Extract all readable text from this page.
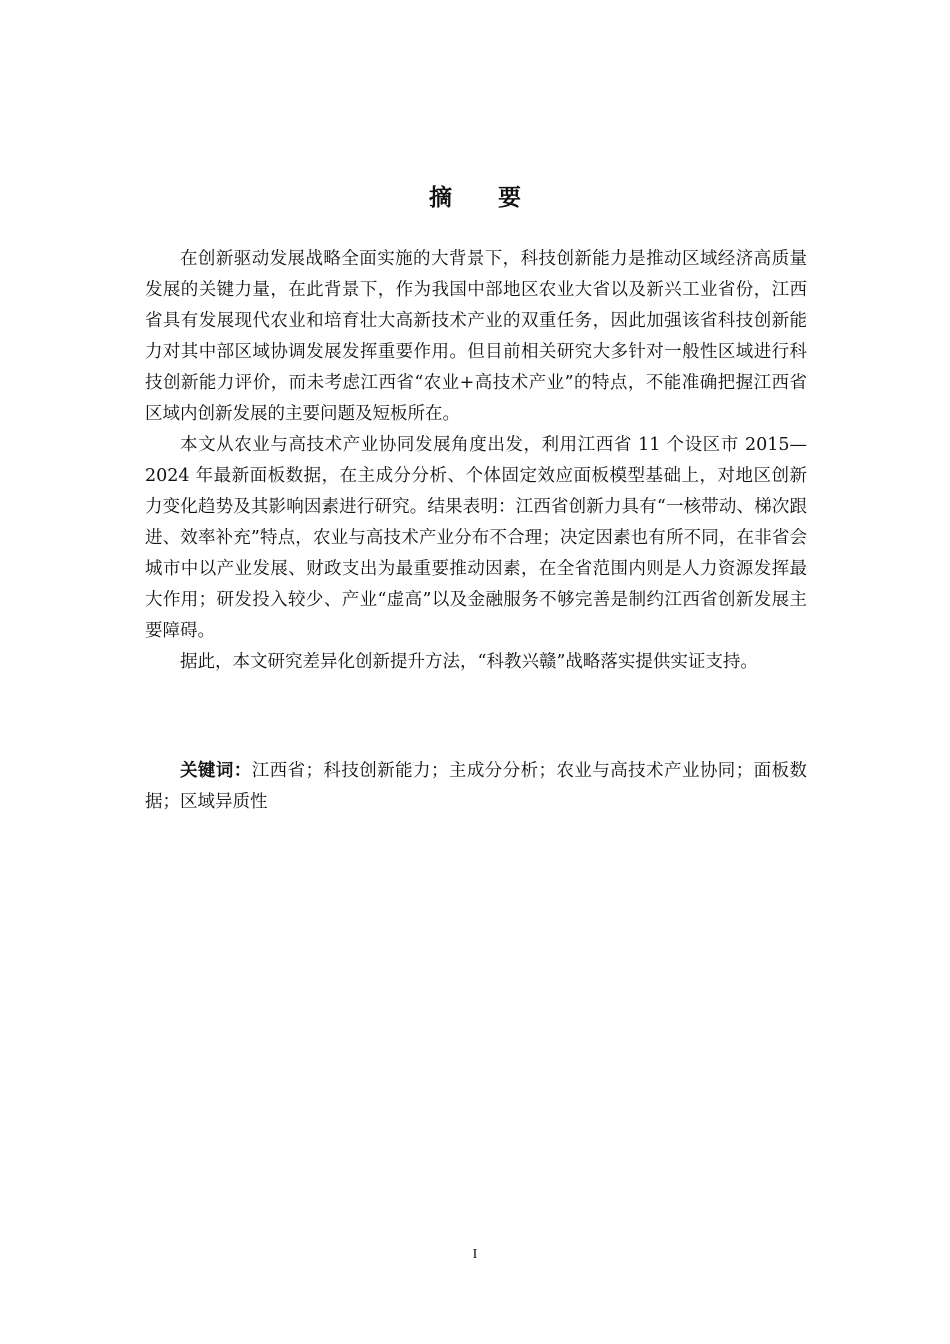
摘 要

在创新驱动发展战略全面实施的大背景下，科技创新能力是推动区域经济高质量发展的关键力量，在此背景下，作为我国中部地区农业大省以及新兴工业省份，江西省具有发展现代农业和培育壮大高新技术产业的双重任务，因此加强该省科技创新能力对其中部区域协调发展发挥重要作用。但目前相关研究大多针对一般性区域进行科技创新能力评价，而未考虑江西省“农业+高技术产业”的特点，不能准确把握江西省区域内创新发展的主要问题及短板所在。

本文从农业与高技术产业协同发展角度出发，利用江西省 11 个设区市 2015—2024 年最新面板数据，在主成分分析、个体固定效应面板模型基础上，对地区创新力变化趋势及其影响因素进行研究。结果表明：江西省创新力具有“一核带动、梯次跟进、效率补充”特点，农业与高技术产业分布不合理；决定因素也有所不同，在非省会城市中以产业发展、财政支出为最重要推动因素，在全省范围内则是人力资源发挥最大作用；研发投入较少、产业“虚高”以及金融服务不够完善是制约江西省创新发展主要障碍。

据此，本文研究差异化创新提升方法，“科教兴赣”战略落实提供实证支持。

关键词：江西省；科技创新能力；主成分分析；农业与高技术产业协同；面板数据；区域异质性
I
